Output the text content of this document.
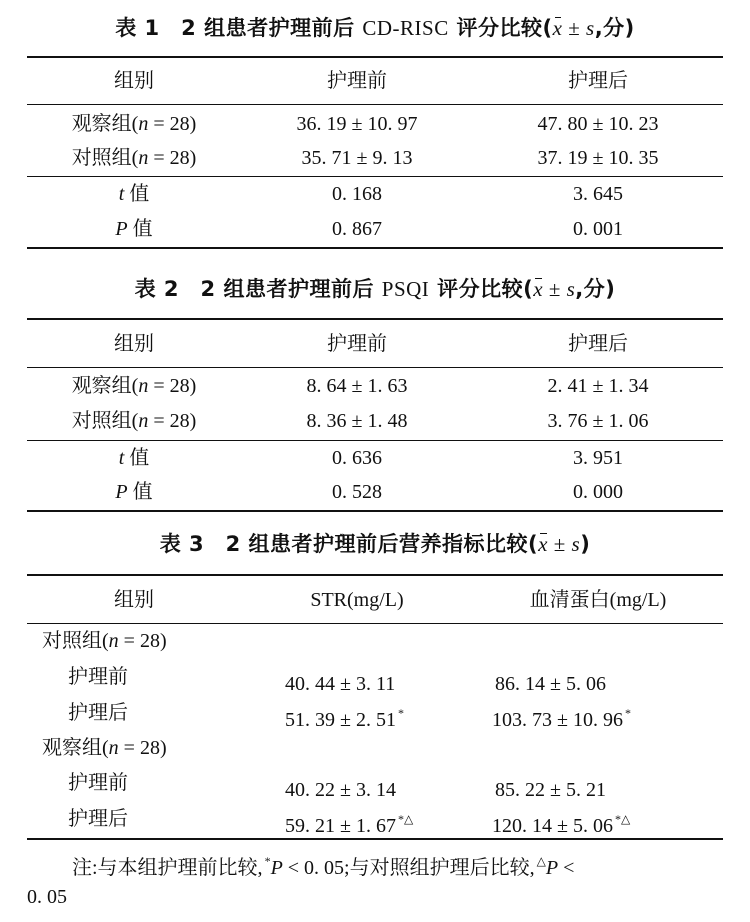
表 1　2 组患者护理前后 CD-RISC 评分比较(x ± s,分)
组别	护理前	护理后
观察组(n = 28)	36. 19 ± 10. 97	47. 80 ± 10. 23
对照组(n = 28)	35. 71 ± 9. 13	37. 19 ± 10. 35
t 值	0. 168	3. 645
P 值	0. 867	0. 001
表 2　2 组患者护理前后 PSQI 评分比较(x ± s,分)
组别	护理前	护理后
观察组(n = 28)	8. 64 ± 1. 63	2. 41 ± 1. 34
对照组(n = 28)	8. 36 ± 1. 48	3. 76 ± 1. 06
t 值	0. 636	3. 951
P 值	0. 528	0. 000
表 3　2 组患者护理前后营养指标比较(x ± s)
组别	STR(mg/L)	血清蛋白(mg/L)
对照组(n = 28)
护理前	40. 44 ± 3. 11	86. 14 ± 5. 06
护理后	51. 39 ± 2. 51 *	103. 73 ± 10. 96 *
观察组(n = 28)
护理前	40. 22 ± 3. 14	85. 22 ± 5. 21
护理后	59. 21 ± 1. 67 *△	120. 14 ± 5. 06 *△
注:与本组护理前比较, *P < 0. 05;与对照组护理后比较, △P <
0. 05
